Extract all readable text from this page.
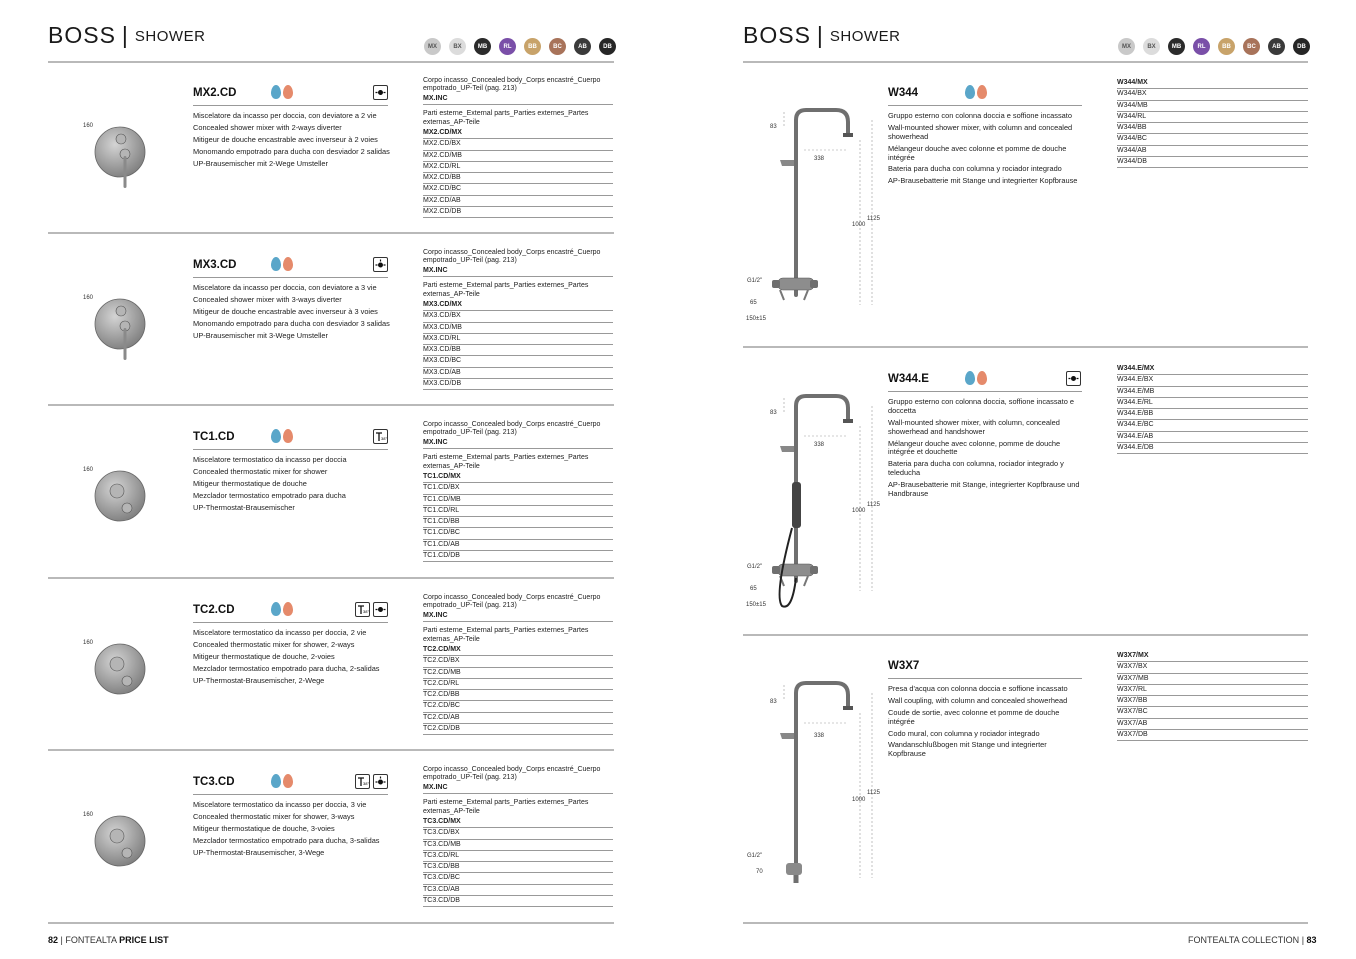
BOSS | SHOWER
MX	BX	MB	RL	BB	BC	AB	DB
160
MX2.CD
Miscelatore da incasso per doccia, con deviatore a 2 vie
Concealed shower mixer with 2-ways diverter
Mitigeur de douche encastrable avec inverseur à 2 voies
Monomando empotrado para ducha con desviador 2 salidas
UP-Brausemischer mit 2-Wege Umsteller
Corpo incasso_Concealed body_Corps encastré_Cuerpo empotrado_UP-Teil (pag. 213)
MX.INC
Parti esterne_External parts_Parties externes_Partes externas_AP-Teile
MX2.CD/MX
MX2.CD/BX
MX2.CD/MB
MX2.CD/RL
MX2.CD/BB
MX2.CD/BC
MX2.CD/AB
MX2.CD/DB
160
MX3.CD
Miscelatore da incasso per doccia, con deviatore a 3 vie
Concealed shower mixer with 3-ways diverter
Mitigeur de douche encastrable avec inverseur à 3 voies
Monomando empotrado para ducha con desviador 3 salidas
UP-Brausemischer mit 3-Wege Umsteller
Corpo incasso_Concealed body_Corps encastré_Cuerpo empotrado_UP-Teil (pag. 213)
MX.INC
Parti esterne_External parts_Parties externes_Partes externas_AP-Teile
MX3.CD/MX
MX3.CD/BX
MX3.CD/MB
MX3.CD/RL
MX3.CD/BB
MX3.CD/BC
MX3.CD/AB
MX3.CD/DB
160
TC1.CD	38°
Miscelatore termostatico da incasso per doccia
Concealed thermostatic mixer for shower
Mitigeur thermostatique de douche
Mezclador termostatico empotrado para ducha
UP-Thermostat-Brausemischer
Corpo incasso_Concealed body_Corps encastré_Cuerpo empotrado_UP-Teil (pag. 213)
MX.INC
Parti esterne_External parts_Parties externes_Partes externas_AP-Teile
TC1.CD/MX
TC1.CD/BX
TC1.CD/MB
TC1.CD/RL
TC1.CD/BB
TC1.CD/BC
TC1.CD/AB
TC1.CD/DB
160
TC2.CD	38°
Miscelatore termostatico da incasso per doccia, 2 vie
Concealed thermostatic mixer for shower, 2-ways
Mitigeur thermostatique de douche, 2-voies
Mezclador termostatico empotrado para ducha, 2-salidas
UP-Thermostat-Brausemischer, 2-Wege
Corpo incasso_Concealed body_Corps encastré_Cuerpo empotrado_UP-Teil (pag. 213)
MX.INC
Parti esterne_External parts_Parties externes_Partes externas_AP-Teile
TC2.CD/MX
TC2.CD/BX
TC2.CD/MB
TC2.CD/RL
TC2.CD/BB
TC2.CD/BC
TC2.CD/AB
TC2.CD/DB
160
TC3.CD	38°
Miscelatore termostatico da incasso per doccia, 3 vie
Concealed thermostatic mixer for shower, 3-ways
Mitigeur thermostatique de douche, 3-voies
Mezclador termostatico empotrado para ducha, 3-salidas
UP-Thermostat-Brausemischer, 3-Wege
Corpo incasso_Concealed body_Corps encastré_Cuerpo empotrado_UP-Teil (pag. 213)
MX.INC
Parti esterne_External parts_Parties externes_Partes externas_AP-Teile
TC3.CD/MX
TC3.CD/BX
TC3.CD/MB
TC3.CD/RL
TC3.CD/BB
TC3.CD/BC
TC3.CD/AB
TC3.CD/DB
82 | FONTEALTA PRICE LIST
BOSS | SHOWER
MX	BX	MB	RL	BB	BC	AB	DB
83
338
1000
1125
G1/2"
65
150±15
W344
Gruppo esterno con colonna doccia e soffione incassato
Wall-mounted shower mixer, with column and concealed showerhead
Mélangeur douche avec colonne et pomme de douche intégrée
Bateria para ducha con columna y rociador integrado
AP-Brausebatterie mit Stange und integrierter Kopfbrause
W344/MX
W344/BX
W344/MB
W344/RL
W344/BB
W344/BC
W344/AB
W344/DB
83
338
1000
1125
G1/2"
65
150±15
W344.E
Gruppo esterno con colonna doccia, soffione incassato e doccetta
Wall-mounted shower mixer, with column, concealed showerhead and handshower
Mélangeur douche avec colonne, pomme de douche intégrée et douchette
Bateria para ducha con columna, rociador integrado y teleducha
AP-Brausebatterie mit Stange, integrierter Kopfbrause und Handbrause
W344.E/MX
W344.E/BX
W344.E/MB
W344.E/RL
W344.E/BB
W344.E/BC
W344.E/AB
W344.E/DB
83
338
1000
1125
G1/2"
70
W3X7
Presa d'acqua con colonna doccia e soffione incassato
Wall coupling, with column and concealed showerhead
Coude de sortie, avec colonne et pomme de douche intégrée
Codo mural, con columna y rociador integrado
Wandanschlußbogen mit Stange und integrierter Kopfbrause
W3X7/MX
W3X7/BX
W3X7/MB
W3X7/RL
W3X7/BB
W3X7/BC
W3X7/AB
W3X7/DB
FONTEALTA COLLECTION | 83
